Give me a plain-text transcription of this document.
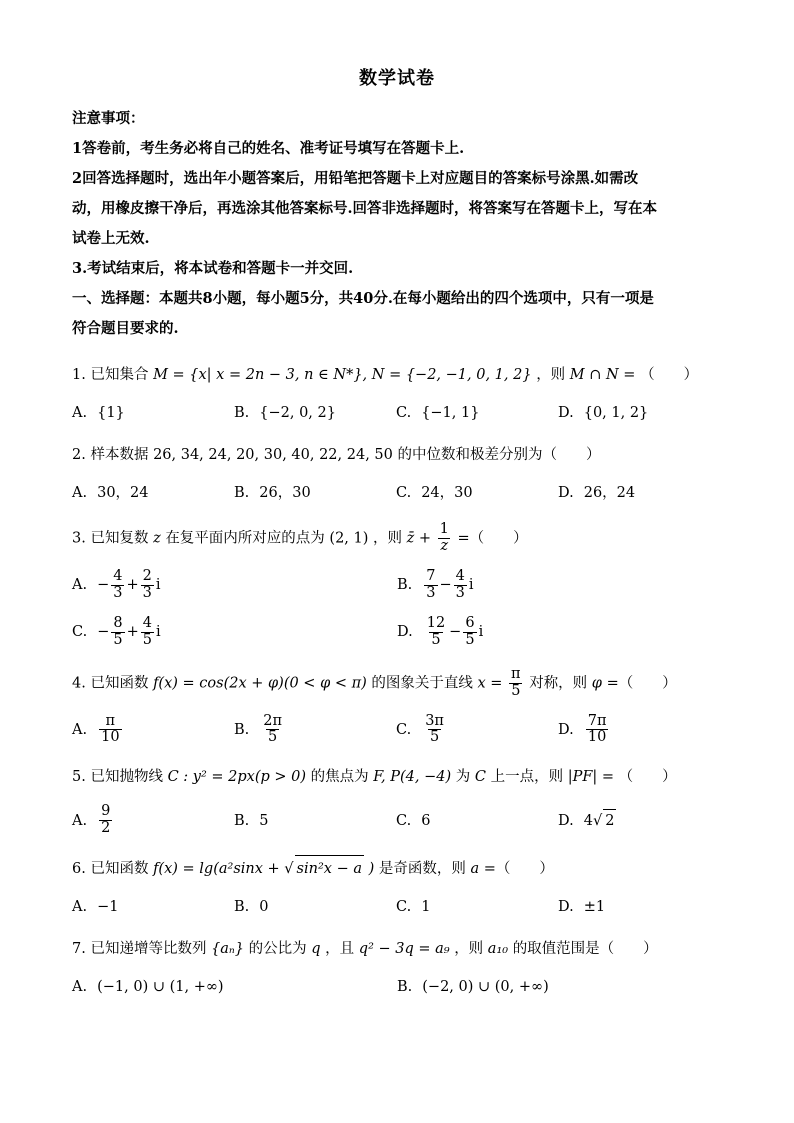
数学试卷
注意事项：
1答卷前，考生务必将自己的姓名、准考证号填写在答题卡上.
2回答选择题时，选出年小题答案后，用铅笔把答题卡上对应题目的答案标号涂黑.如需改
动，用橡皮擦干净后，再选涂其他答案标号.回答非选择题时，将答案写在答题卡上，写在本
试卷上无效.
3.考试结束后，将本试卷和答题卡一并交回.
一、选择题：本题共8小题，每小题5分，共40分.在每小题给出的四个选项中，只有一项是
符合题目要求的.
1. 已知集合 M = {x| x = 2n − 3, n ∈ N*}, N = {−2, −1, 0, 1, 2} ，则 M ∩ N = （　　）
A. {1}	B. {−2, 0, 2}	C. {−1, 1}	D. {0, 1, 2}
2. 样本数据 26, 34, 24, 20, 30, 40, 22, 24, 50 的中位数和极差分别为（　　）
A. 30，24	B. 26，30	C. 24，30	D. 26，24
3. 已知复数 z 在复平面内所对应的点为 (2, 1) ，则 z̄ + $\frac{1}{z}$ =（　　）
A. − $\frac{4}{3} + \frac{2}{3}$ i	B. $\frac{7}{3} - \frac{4}{3}$ i
C. − $\frac{8}{5} + \frac{4}{5}$ i	D. $\frac{12}{5} - \frac{6}{5}$ i
4. 已知函数 f(x) = cos(2x + φ)(0 < φ < π) 的图象关于直线 $x = \frac{\pi}{5}$ 对称，则 φ =（　　）
A. $\frac{\pi}{10}$	B. $\frac{2\pi}{5}$	C. $\frac{3\pi}{5}$	D. $\frac{7\pi}{10}$
5. 已知抛物线 C : y² = 2px(p > 0) 的焦点为 F, P(4, −4) 为 C 上一点，则 |PF| = （　　）
A. $\frac{9}{2}$	B. 5	C. 6	D. 4 √ 2
6. 已知函数 f(x) = lg(a²sinx + √ sin²x − a ) 是奇函数，则 a =（　　）
A. −1	B. 0	C. 1	D. ±1
7. 已知递增等比数列 {aₙ} 的公比为 q ，且 q² − 3q = a₉ ，则 a₁₀ 的取值范围是（　　）
A. (−1, 0) ∪ (1, +∞)	B. (−2, 0) ∪ (0, +∞)
